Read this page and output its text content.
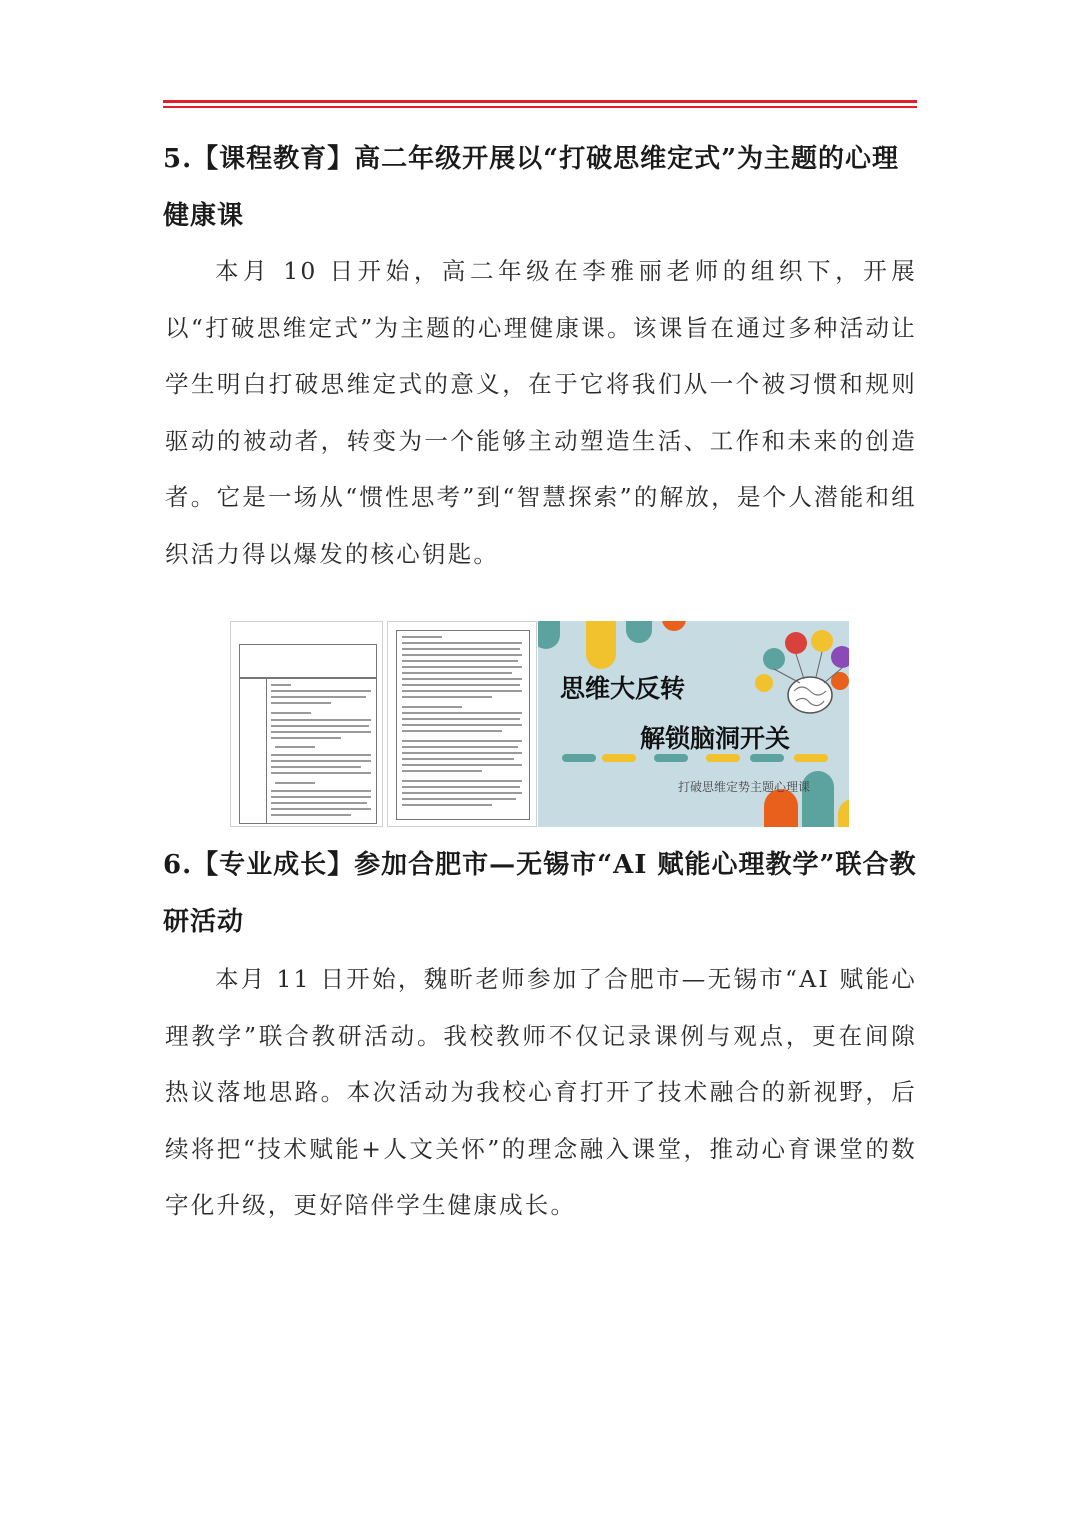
5.【课程教育】高二年级开展以“打破思维定式”为主题的心理健康课

本月 10 日开始，高二年级在李雅丽老师的组织下，开展以“打破思维定式”为主题的心理健康课。该课旨在通过多种活动让学生明白打破思维定式的意义，在于它将我们从一个被习惯和规则驱动的被动者，转变为一个能够主动塑造生活、工作和未来的创造者。它是一场从“惯性思考”到“智慧探索”的解放，是个人潜能和组织活力得以爆发的核心钥匙。

思维大反转
解锁脑洞开关
打破思维定势主题心理课
6.【专业成长】参加合肥市—无锡市“AI 赋能心理教学”联合教研活动

本月 11 日开始，魏昕老师参加了合肥市—无锡市“AI 赋能心理教学”联合教研活动。我校教师不仅记录课例与观点，更在间隙热议落地思路。本次活动为我校心育打开了技术融合的新视野，后续将把“技术赋能+人文关怀”的理念融入课堂，推动心育课堂的数字化升级，更好陪伴学生健康成长。
